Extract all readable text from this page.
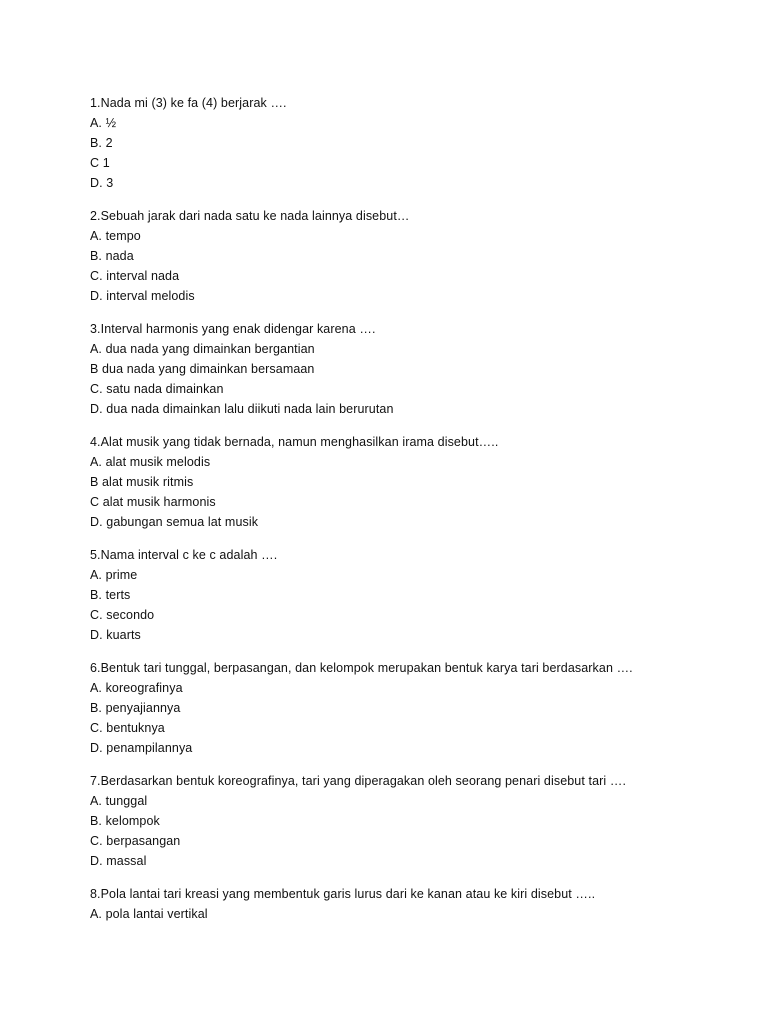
1.Nada mi (3) ke fa (4) berjarak ….
A. ½
B. 2
C 1
D. 3
2.Sebuah jarak dari nada satu ke nada lainnya disebut…
A. tempo
B. nada
C. interval nada
D. interval melodis
3.Interval harmonis yang enak didengar karena ….
A. dua nada yang dimainkan bergantian
B dua nada yang dimainkan bersamaan
C. satu nada dimainkan
D. dua nada dimainkan lalu diikuti nada lain berurutan
4.Alat musik yang tidak bernada, namun menghasilkan irama disebut…..
A. alat musik melodis
B alat musik ritmis
C alat musik harmonis
D. gabungan semua lat musik
5.Nama interval c ke c adalah ….
A. prime
B. terts
C. secondo
D. kuarts
6.Bentuk tari tunggal, berpasangan, dan kelompok merupakan bentuk karya tari berdasarkan ….
A. koreografinya
B. penyajiannya
C. bentuknya
D. penampilannya
7.Berdasarkan bentuk koreografinya, tari yang diperagakan oleh seorang penari disebut tari ….
A. tunggal
B. kelompok
C. berpasangan
D. massal
8.Pola lantai tari kreasi yang membentuk garis lurus dari ke kanan atau ke kiri disebut …..
A. pola lantai vertikal
